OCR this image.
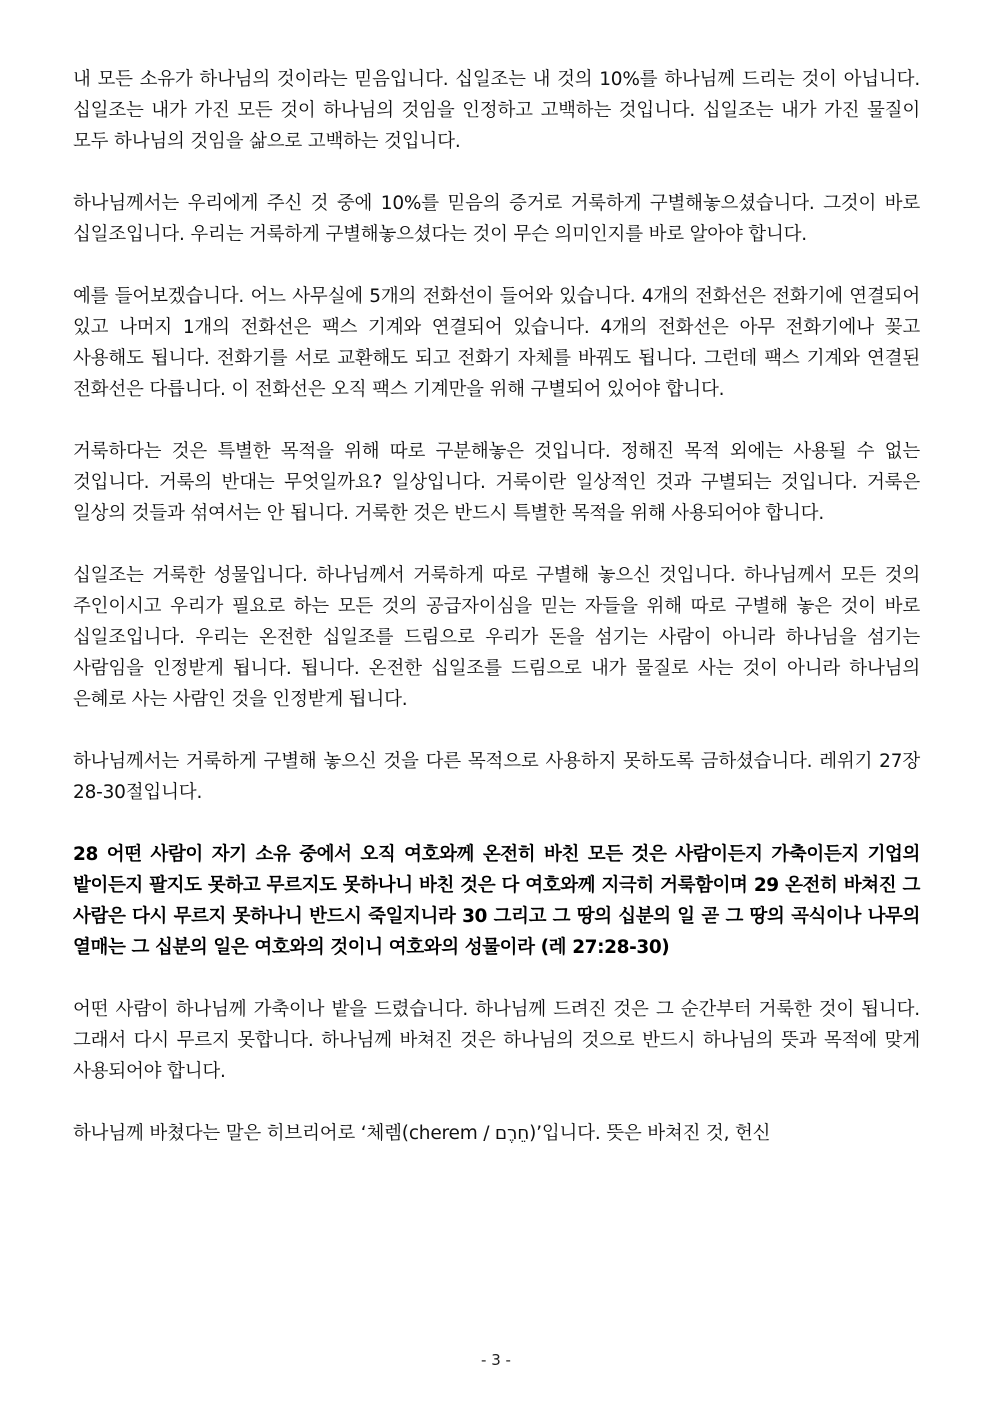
내 모든 소유가 하나님의 것이라는 믿음입니다. 십일조는 내 것의 10%를 하나님께 드리는 것이 아닙니다. 십일조는 내가 가진 모든 것이 하나님의 것임을 인정하고 고백하는 것입니다. 십일조는 내가 가진 물질이 모두 하나님의 것임을 삶으로 고백하는 것입니다.

하나님께서는 우리에게 주신 것 중에 10%를 믿음의 증거로 거룩하게 구별해놓으셨습니다. 그것이 바로 십일조입니다. 우리는 거룩하게 구별해놓으셨다는 것이 무슨 의미인지를 바로 알아야 합니다.

예를 들어보겠습니다. 어느 사무실에 5개의 전화선이 들어와 있습니다. 4개의 전화선은 전화기에 연결되어 있고 나머지 1개의 전화선은 팩스 기계와 연결되어 있습니다. 4개의 전화선은 아무 전화기에나 꽂고 사용해도 됩니다. 전화기를 서로 교환해도 되고 전화기 자체를 바꿔도 됩니다. 그런데 팩스 기계와 연결된 전화선은 다릅니다. 이 전화선은 오직 팩스 기계만을 위해 구별되어 있어야 합니다.

거룩하다는 것은 특별한 목적을 위해 따로 구분해놓은 것입니다. 정해진 목적 외에는 사용될 수 없는 것입니다. 거룩의 반대는 무엇일까요? 일상입니다. 거룩이란 일상적인 것과 구별되는 것입니다. 거룩은 일상의 것들과 섞여서는 안 됩니다. 거룩한 것은 반드시 특별한 목적을 위해 사용되어야 합니다.

십일조는 거룩한 성물입니다. 하나님께서 거룩하게 따로 구별해 놓으신 것입니다. 하나님께서 모든 것의 주인이시고 우리가 필요로 하는 모든 것의 공급자이심을 믿는 자들을 위해 따로 구별해 놓은 것이 바로 십일조입니다. 우리는 온전한 십일조를 드림으로 우리가 돈을 섬기는 사람이 아니라 하나님을 섬기는 사람임을 인정받게 됩니다. 됩니다. 온전한 십일조를 드림으로 내가 물질로 사는 것이 아니라 하나님의 은혜로 사는 사람인 것을 인정받게 됩니다.

하나님께서는 거룩하게 구별해 놓으신 것을 다른 목적으로 사용하지 못하도록 금하셨습니다. 레위기 27장 28-30절입니다.

28 어떤 사람이 자기 소유 중에서 오직 여호와께 온전히 바친 모든 것은 사람이든지 가축이든지 기업의 밭이든지 팔지도 못하고 무르지도 못하나니 바친 것은 다 여호와께 지극히 거룩함이며 29 온전히 바쳐진 그 사람은 다시 무르지 못하나니 반드시 죽일지니라 30 그리고 그 땅의 십분의 일 곧 그 땅의 곡식이나 나무의 열매는 그 십분의 일은 여호와의 것이니 여호와의 성물이라 (레 27:28-30)

어떤 사람이 하나님께 가축이나 밭을 드렸습니다. 하나님께 드려진 것은 그 순간부터 거룩한 것이 됩니다. 그래서 다시 무르지 못합니다. 하나님께 바쳐진 것은 하나님의 것으로 반드시 하나님의 뜻과 목적에 맞게 사용되어야 합니다.

하나님께 바쳤다는 말은 히브리어로 ‘체렘(cherem / חֵרֶם)’입니다. 뜻은 바쳐진 것, 헌신

- 3 -
